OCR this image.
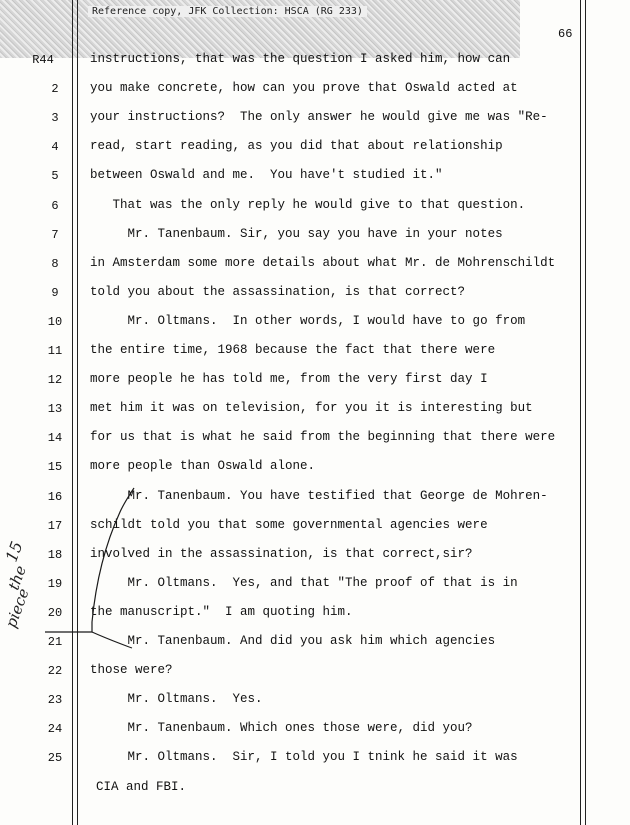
Reference copy, JFK Collection: HSCA (RG 233)
66
R44	instructions, that was the question I asked him, how can
2	you make concrete, how can you prove that Oswald acted at
3	your instructions?  The only answer he would give me was "Re-
4	read, start reading, as you did that about relationship
5	between Oswald and me.  You have't studied it."
6	That was the only reply he would give to that question.
7	Mr. Tanenbaum. Sir, you say you have in your notes
8	in Amsterdam some more details about what Mr. de Mohrenschildt
9	told you about the assassination, is that correct?
10	Mr. Oltmans.  In other words, I would have to go from
11	the entire time, 1968 because the fact that there were
12	more people he has told me, from the very first day I
13	met him it was on television, for you it is interesting but
14	for us that is what he said from the beginning that there were
15	more people than Oswald alone.
16	Mr. Tanenbaum. You have testified that George de Mohren-
17	schildt told you that some governmental agencies were
18	involved in the assassination, is that correct,sir?
19	Mr. Oltmans.  Yes, and that "The proof of that is in
20	the manuscript."  I am quoting him.
21	Mr. Tanenbaum. And did you ask him which agencies
22	those were?
23	Mr. Oltmans.  Yes.
24	Mr. Tanenbaum. Which ones those were, did you?
25	Mr. Oltmans.  Sir, I told you I tnink he said it was
CIA and FBI.
15
the
piece
